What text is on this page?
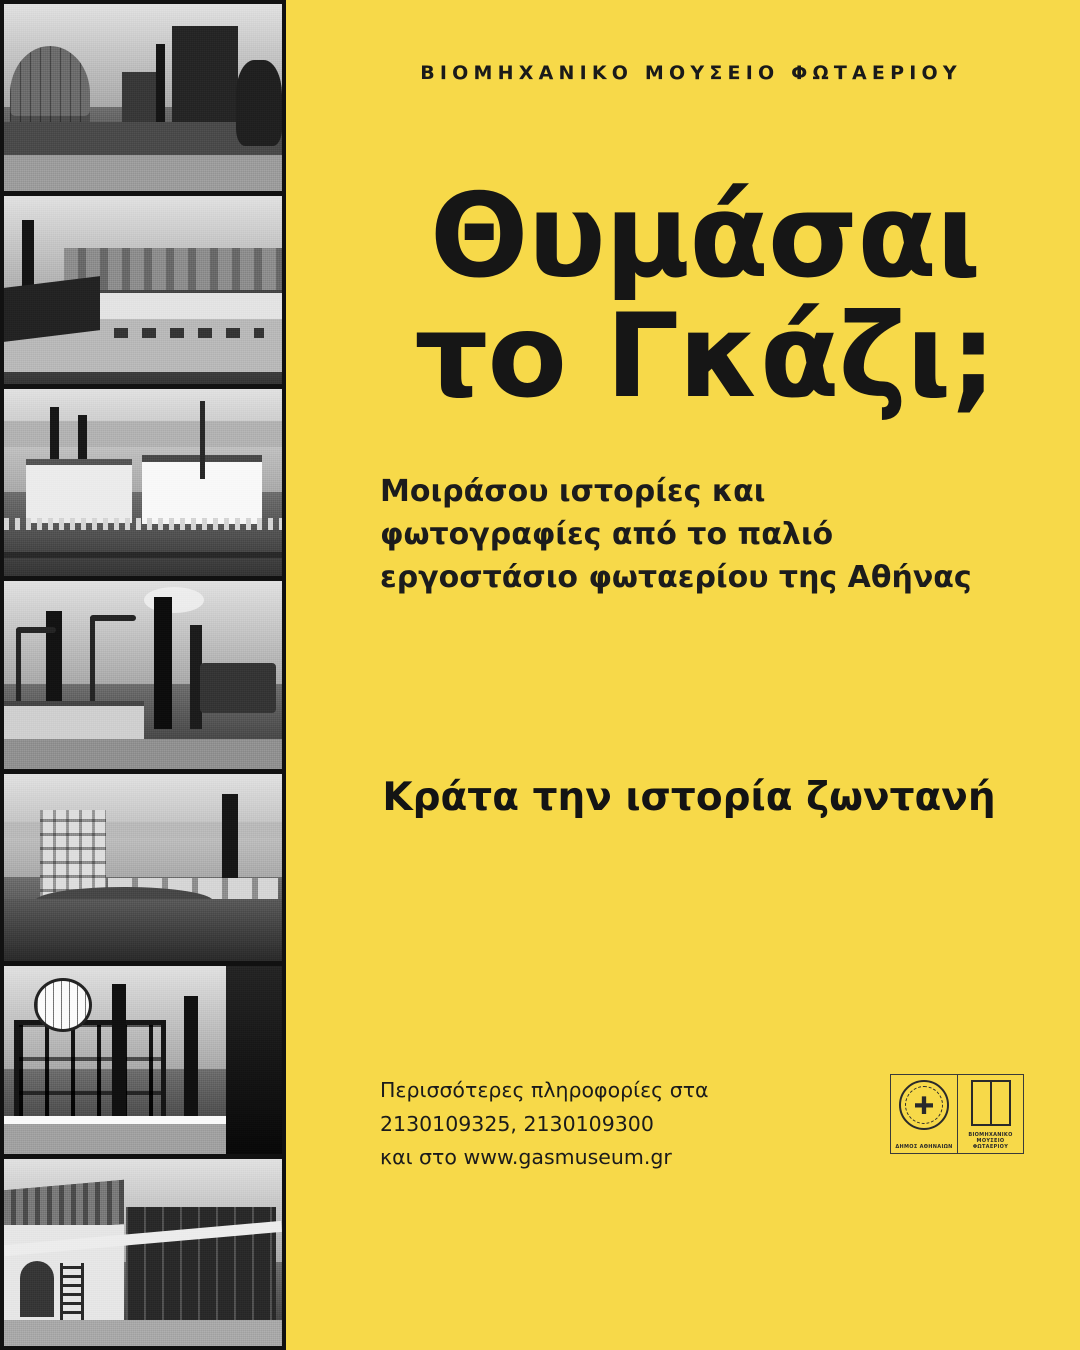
ΒΙΟΜΗΧΑΝΙΚΟ ΜΟΥΣΕΙΟ ΦΩΤΑΕΡΙΟΥ
Θυμάσαι
το Γκάζι;
Μοιράσου ιστορίες και φωτογραφίες από το παλιό εργοστάσιο φωταερίου της Αθήνας
Κράτα την ιστορία ζωντανή
Περισσότερες πληροφορίες στα
2130109325, 2130109300
και στο www.gasmuseum.gr	ΔΗΜΟΣ ΑΘΗΝΑΙΩΝ
ΒΙΟΜΗΧΑΝΙΚΟ ΜΟΥΣΕΙΟ ΦΩΤΑΕΡΙΟΥ
